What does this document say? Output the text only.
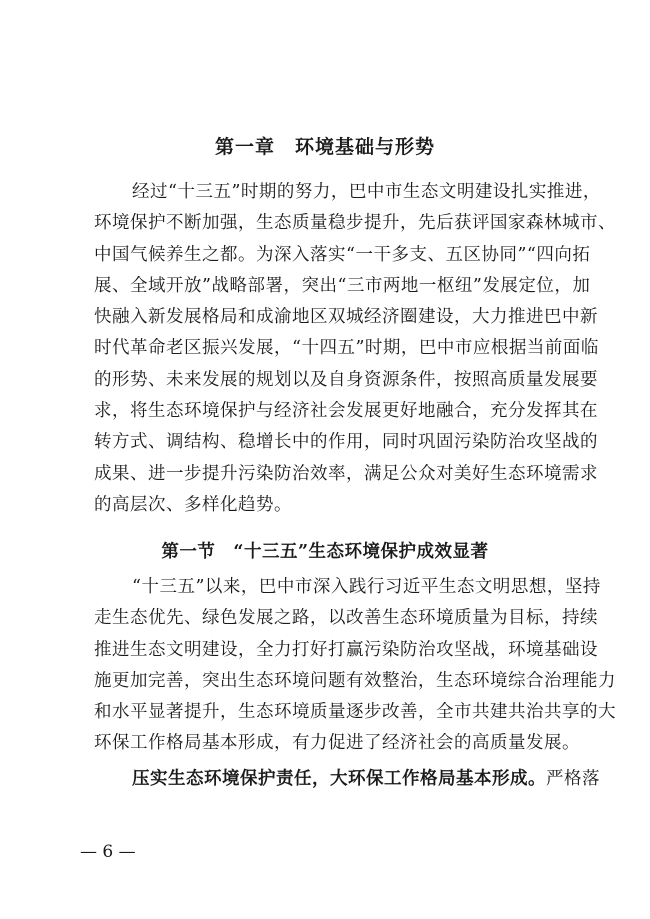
第一章　环境基础与形势
经过“十三五”时期的努力，巴中市生态文明建设扎实推进，
环境保护不断加强，生态质量稳步提升，先后获评国家森林城市、
中国气候养生之都。为深入落实“一干多支、五区协同”“四向拓
展、全域开放”战略部署，突出“三市两地一枢纽”发展定位，加
快融入新发展格局和成渝地区双城经济圈建设，大力推进巴中新
时代革命老区振兴发展，“十四五”时期，巴中市应根据当前面临
的形势、未来发展的规划以及自身资源条件，按照高质量发展要
求，将生态环境保护与经济社会发展更好地融合，充分发挥其在
转方式、调结构、稳增长中的作用，同时巩固污染防治攻坚战的
成果、进一步提升污染防治效率，满足公众对美好生态环境需求
的高层次、多样化趋势。
第一节　“十三五”生态环境保护成效显著
“十三五”以来，巴中市深入践行习近平生态文明思想，坚持
走生态优先、绿色发展之路，以改善生态环境质量为目标，持续
推进生态文明建设，全力打好打赢污染防治攻坚战，环境基础设
施更加完善，突出生态环境问题有效整治，生态环境综合治理能力
和水平显著提升，生态环境质量逐步改善，全市共建共治共享的大
环保工作格局基本形成，有力促进了经济社会的高质量发展。
压实生态环境保护责任，大环保工作格局基本形成。严格落

— 6 —
